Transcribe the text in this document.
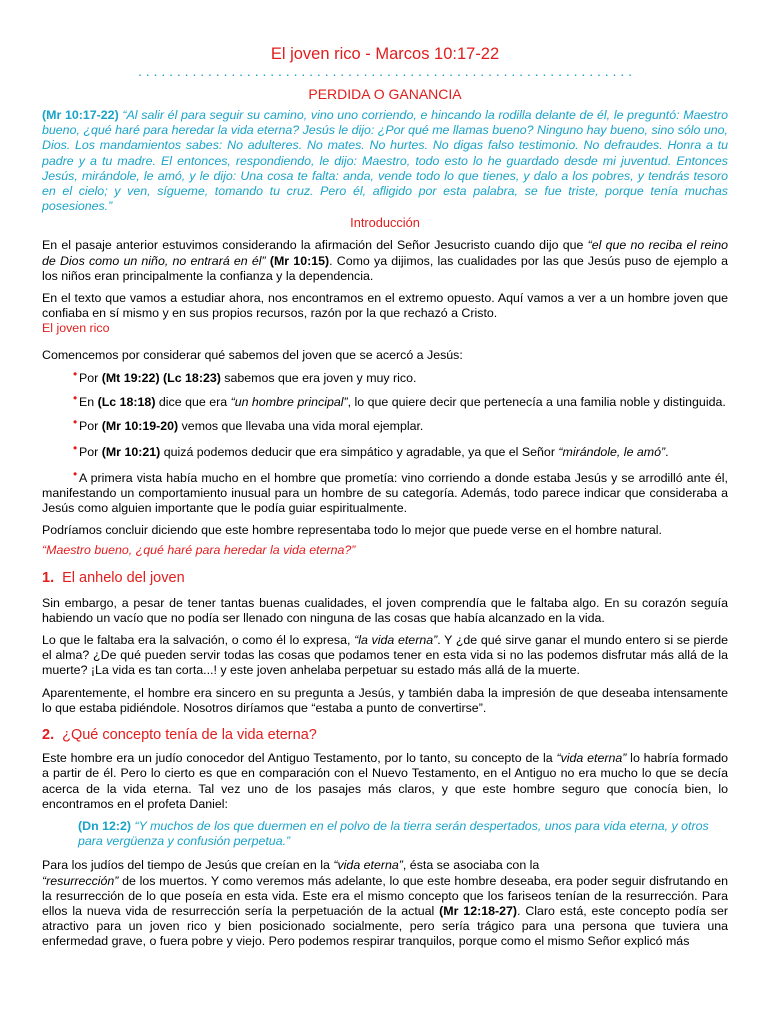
El joven rico - Marcos 10:17-22
. . . . . . . . . . . . . . . . . . . . . . . . . . . . . . . . . . . . . . . . . . . . . . . . . . . . . . . . . . . . . . . .
PERDIDA O GANANCIA
(Mr 10:17-22) “Al salir él para seguir su camino, vino uno corriendo, e hincando la rodilla delante de él, le preguntó: Maestro bueno, ¿qué haré para heredar la vida eterna? Jesús le dijo: ¿Por qué me llamas bueno? Ninguno hay bueno, sino sólo uno, Dios. Los mandamientos sabes: No adulteres. No mates. No hurtes. No digas falso testimonio. No defraudes. Honra a tu padre y a tu madre. El entonces, respondiendo, le dijo: Maestro, todo esto lo he guardado desde mi juventud. Entonces Jesús, mirándole, le amó, y le dijo: Una cosa te falta: anda, vende todo lo que tienes, y dalo a los pobres, y tendrás tesoro en el cielo; y ven, sígueme, tomando tu cruz. Pero él, afligido por esta palabra, se fue triste, porque tenía muchas posesiones.”
Introducción

En el pasaje anterior estuvimos considerando la afirmación del Señor Jesucristo cuando dijo que “el que no reciba el reino de Dios como un niño, no entrará en él” (Mr 10:15). Como ya dijimos, las cualidades por las que Jesús puso de ejemplo a los niños eran principalmente la confianza y la dependencia.

En el texto que vamos a estudiar ahora, nos encontramos en el extremo opuesto. Aquí vamos a ver a un hombre joven que confiaba en sí mismo y en sus propios recursos, razón por la que rechazó a Cristo.

El joven rico

Comencemos por considerar qué sabemos del joven que se acercó a Jesús:

• Por (Mt 19:22) (Lc 18:23) sabemos que era joven y muy rico.

• En (Lc 18:18) dice que era “un hombre principal”, lo que quiere decir que pertenecía a una familia noble y distinguida.

• Por (Mr 10:19-20) vemos que llevaba una vida moral ejemplar.

• Por (Mr 10:21) quizá podemos deducir que era simpático y agradable, ya que el Señor “mirándole, le amó”.

• A primera vista había mucho en el hombre que prometía: vino corriendo a donde estaba Jesús y se arrodilló ante él, manifestando un comportamiento inusual para un hombre de su categoría. Además, todo parece indicar que consideraba a Jesús como alguien importante que le podía guiar espiritualmente.

Podríamos concluir diciendo que este hombre representaba todo lo mejor que puede verse en el hombre natural.

“Maestro bueno, ¿qué haré para heredar la vida eterna?”

1. El anhelo del joven

Sin embargo, a pesar de tener tantas buenas cualidades, el joven comprendía que le faltaba algo. En su corazón seguía habiendo un vacío que no podía ser llenado con ninguna de las cosas que había alcanzado en la vida.

Lo que le faltaba era la salvación, o como él lo expresa, “la vida eterna”. Y ¿de qué sirve ganar el mundo entero si se pierde el alma? ¿De qué pueden servir todas las cosas que podamos tener en esta vida si no las podemos disfrutar más allá de la muerte? ¡La vida es tan corta...! y este joven anhelaba perpetuar su estado más allá de la muerte.

Aparentemente, el hombre era sincero en su pregunta a Jesús, y también daba la impresión de que deseaba intensamente lo que estaba pidiéndole. Nosotros diríamos que “estaba a punto de convertirse”.

2. ¿Qué concepto tenía de la vida eterna?

Este hombre era un judío conocedor del Antiguo Testamento, por lo tanto, su concepto de la “vida eterna” lo habría formado a partir de él. Pero lo cierto es que en comparación con el Nuevo Testamento, en el Antiguo no era mucho lo que se decía acerca de la vida eterna. Tal vez uno de los pasajes más claros, y que este hombre seguro que conocía bien, lo encontramos en el profeta Daniel:

(Dn 12:2) “Y muchos de los que duermen en el polvo de la tierra serán despertados, unos para vida eterna, y otros para vergüenza y confusión perpetua.”

Para los judíos del tiempo de Jesús que creían en la “vida eterna”, ésta se asociaba con la
“resurrección” de los muertos. Y como veremos más adelante, lo que este hombre deseaba, era poder seguir disfrutando en la resurrección de lo que poseía en esta vida. Este era el mismo concepto que los fariseos tenían de la resurrección. Para ellos la nueva vida de resurrección sería la perpetuación de la actual (Mr 12:18-27). Claro está, este concepto podía ser atractivo para un joven rico y bien posicionado socialmente, pero sería trágico para una persona que tuviera una enfermedad grave, o fuera pobre y viejo. Pero podemos respirar tranquilos, porque como el mismo Señor explicó más
